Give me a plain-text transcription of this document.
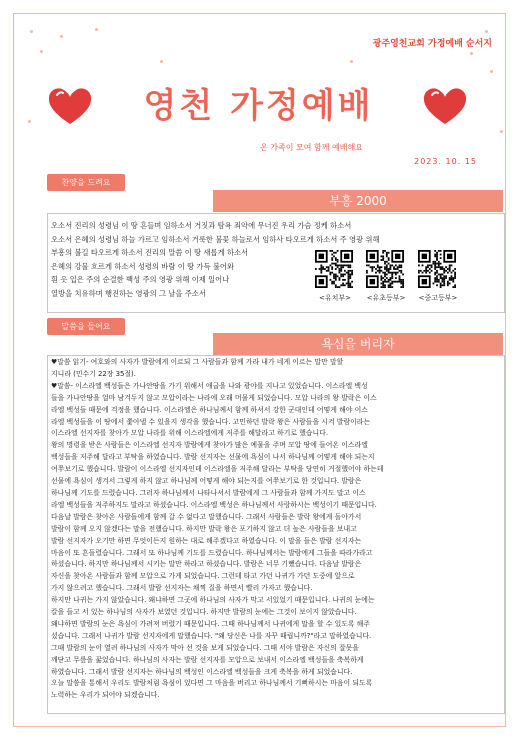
광주영천교회 가정예배 순서지
영천 가정예배
온 가족이 모여 함께 예배해요
2023. 10. 15
찬양을 드려요
부흥 2000
오소서 진리의 성령님 이 땅 흔들며 임하소서 거짓과 탐욕 죄악에 무너진 우리 가슴 정케 하소서
오소서 은혜의 성령님 하늘 가르고 임하소서 거룩한 불꽃 하늘로서 임하사 타오르게 하소서 주 영광 위해
부흥의 불길 타오르게 하소서 진리의 말씀 이 땅 새롭게 하소서
은혜의 강물 흐르게 하소서 성령의 바람 이 땅 가득 불어와
흰 옷 입은 주의 순결한 백성 주의 영광 위해 이제 일어나
열방을 치유하며 행진하는 영광의 그 날을 주소서
<유치부>	<유초등부>	<중고등부>
말씀을 들어요
욕심을 버리자
♥말씀 읽기- 여호와의 사자가 발람에게 이르되 그 사람들과 함께 가라 내가 네게 이르는 말만 말할
지니라 (민수기 22장 35절).
♥말씀- 이스라엘 백성들은 가나안땅을 가기 위해서 애굽을 나와 광야를 지나고 있었습니다. 이스라엘 백성
들을 가나안땅을 얼마 남겨두지 않고 모압이라는 나라에 오래 머물게 되었습니다. 모압 나라의 왕 발락은 이스
라엘 백성들 때문에 걱정을 했습니다. 이스라엘은 하나님께서 함께 하셔서 강한 군대인데 어떻게 해야 이스
라엘 백성들을 이 땅에서 쫓아낼 수 있을지 생각을 했습니다. 고민하던 발락 왕은 사람들을 시켜 발람이라는
이스라엘 선지자를 찾아가 모압 나라를 위해 이스라엘에게 저주를 해달라고 하기로 했습니다.
왕의 명령을 받은 사람들은 이스라엘 선지자 발람에게 찾아가 많은 예물을 주며 모압 땅에 들어온 이스라엘
백성들을 저주해 달라고 부탁을 하였습니다. 발람 선지자는 선물에 욕심이 나서 하나님께 어떻게 해야 되는지
여쭈보기로 했습니다. 발람이 이스라엘 선지자인데 이스라엘을 저주해 달라는 부탁을 당연히 거절했어야 하는데
선물에 욕심이 생겨서 그렇게 하지 않고 하나님께 어떻게 해야 되는지를 여쭈보기로 한 것입니다. 발람은
하나님께 기도를 드렸습니다. 그러자 하나님께서 나타나셔서 발람에게 그 사람들과 함께 가지도 말고 이스
라엘 백성들을 저주하지도 말라고 하셨습니다. 이스라엘 백성은 하나님께서 사랑하시는 백성이기 때문입니다.
다음날 발람은 찾아온 사람들에게 함께 갈 수 없다고 말했습니다. 그래서 사람들은 발락 왕에게 돌아가서
발람이 함께 오지 않겠다는 말을 전했습니다. 하지만 발락 왕은 포기하지 않고 더 높은 사람들을 보내고
발람 선지자가 오기만 하면 무엇이든지 원하는 대로 해주겠다고 하였습니다. 이 말을 들은 발람 선지자는
마음이 또 흔들렸습니다. 그래서 또 하나님께 기도를 드렸습니다. 하나님께서는 발람에게 그들을 따라가라고
하셨습니다. 하지만 하나님께서 시키는 말만 하라고 하셨습니다. 발람은 너무 기뻤습니다. 다음날 발람은
자신을 찾아온 사람들과 함께 모압으로 가게 되었습니다. 그런데 타고 가던 나귀가 가던 도중에 앞으로
가지 않으려고 했습니다. 그래서 발람 선지자는 채찍 질을 하면서 빨리 가자고 했습니다.
하지만 나귀는 가지 않았습니다. 왜냐하면 그곳에 하나님의 사자가 막고 서있었기 때문입니다. 나귀의 눈에는
칼을 들고 서 있는 하나님의 사자가 보였던 것입니다. 하지만 발람의 눈에는 그것이 보이지 않았습니다.
왜냐하면 발람의 눈은 욕심이 가려져 버렸기 때문입니다. 그때 하나님께서 나귀에게 말을 할 수 있도록 해주
셨습니다. 그래서 나귀가 발람 선지자에게 말했습니다. "왜 당신은 나를 자꾸 때립니까?"라고 말하였습니다.
그때 발람의 눈이 열려 하나님의 사자가 막아 선 것을 보게 되었습니다. 그때 서야 발람은 자신의 잘못을
깨닫고 무릎을 꿇었습니다. 하나님의 사자는 발람 선지자를 모압으로 보내서 이스라엘 백성들을 축복하게
하였습니다. 그래서 발람 선지자는 하나님의 백성인 이스라엘 백성들을 크게 축복을 하게 되었습니다.
오늘 말씀을 통해서 우리도 발람처럼 욕심이 있다면 그 마음을 버리고 하나님께서 기뻐하시는 마음이 되도록
노력하는 우리가 되어야 되겠습니다.
